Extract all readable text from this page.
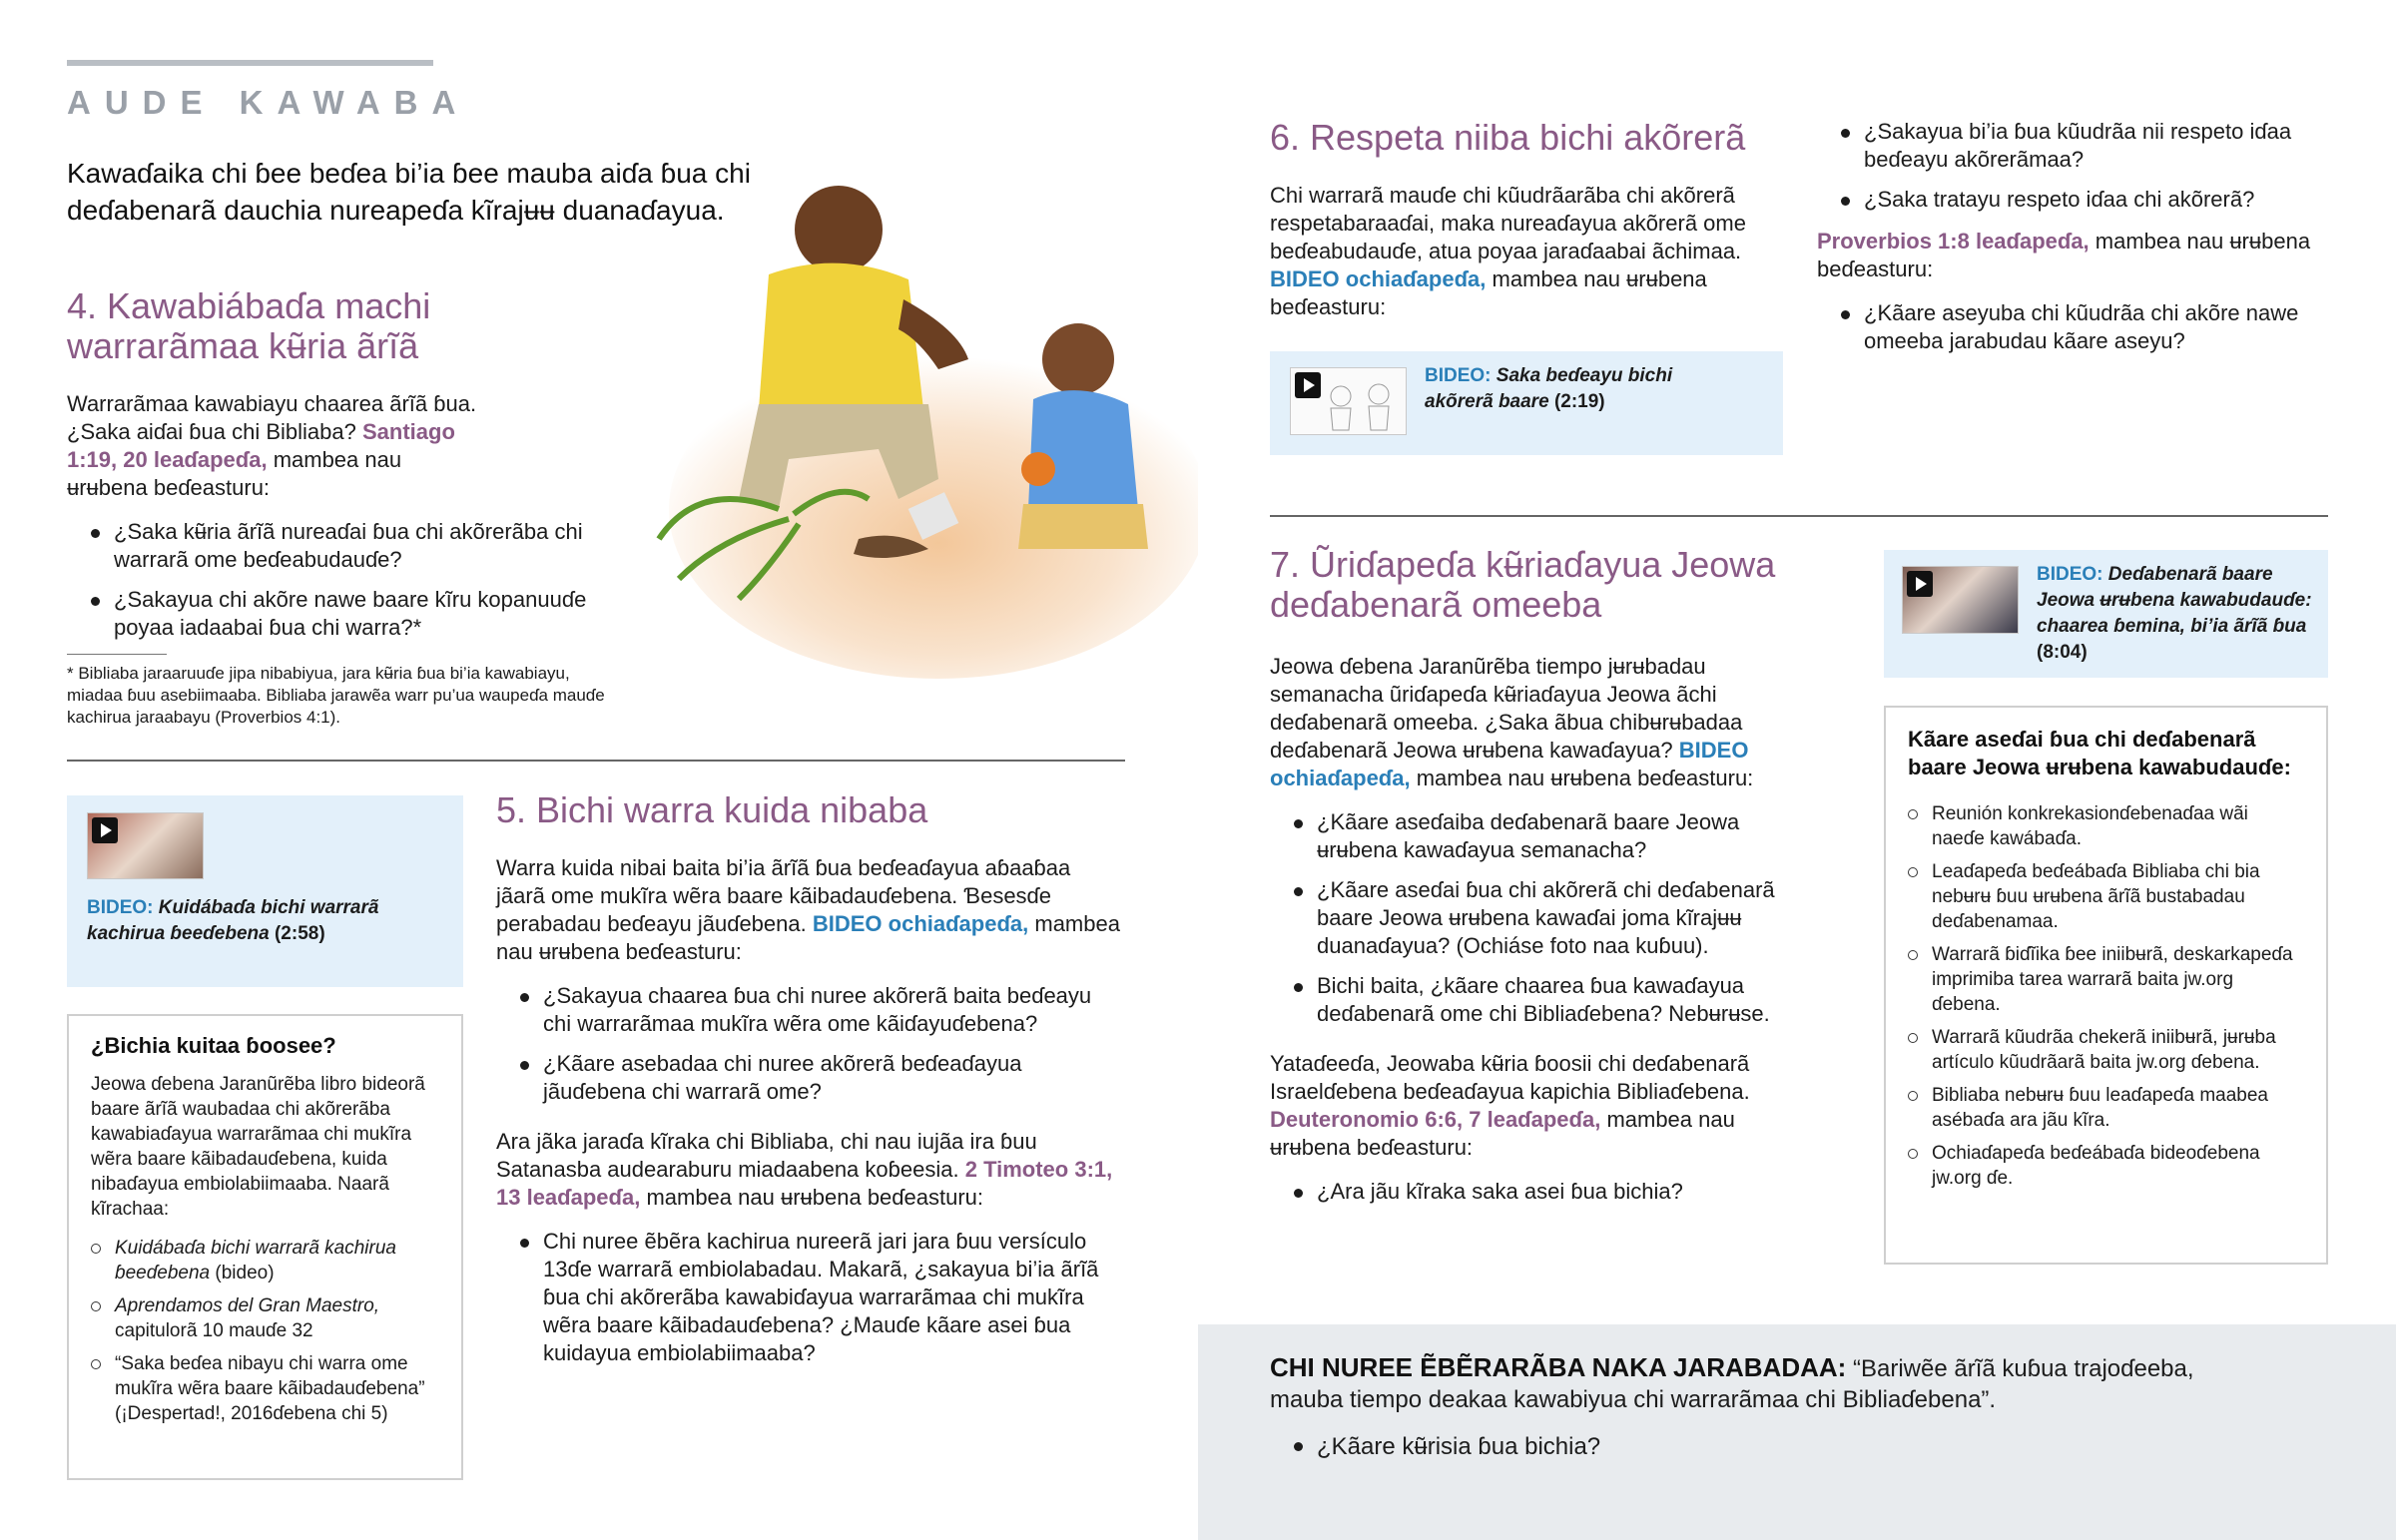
AUDE KAWABA
Kawaɗaika chi ɓee beɗea bi’ia ɓee mauba aiɗa ɓua chi deɗabenarã dauchia nureapeɗa kĩrajʉʉ duanaɗayua.
4. Kawabiábaɗa machi warrarãmaa kʉ̃ria ãrĩã

Warrarãmaa kawabiayu chaarea ãrĩã ɓua. ¿Saka aiɗai ɓua chi Bibliaba? Santiago 1:19, 20 leaɗapeɗa, mambea nau ʉrʉbena beɗeasturu:

¿Saka kʉ̃ria ãrĩã nureaɗai ɓua chi akõrerãba chi warrarã ome beɗeabudauɗe?
¿Sakayua chi akõre nawe baare kĩru kopanuuɗe poyaa iadaabai ɓua chi warra?*
* Bibliaba jaraaruuɗe jipa nibabiyua, jara kʉ̃ria ɓua bi’ia kawabiayu, miadaa ɓuu asebiimaaba. Bibliaba jarawẽa warr pu’ua waupeɗa mauɗe kachirua jaraabayu (Proverbios 4:1).
BIDEO: Kuidábaɗa bichi warrarã kachirua ɓeeɗebena (2:58)
¿Bichia kuitaa ɓoosee?
Jeowa ɗebena Jaranũrẽba libro bideorã baare ãrĩã waubadaa chi akõrerãba kawabiaɗayua warrarãmaa chi mukĩra wẽra baare kãibadauɗebena, kuida nibaɗayua embiolabiimaaba. Naarã kĩrachaa:
Kuidábaɗa bichi warrarã kachirua ɓeeɗebena (bideo)
Aprendamos del Gran Maestro, capitulorã 10 mauɗe 32
“Saka beɗea nibayu chi warra ome mukĩra wẽra baare kãibadauɗebena” (¡Despertad!, 2016ɗebena chi 5)
5. Bichi warra kuida nibaba

Warra kuida nibai baita bi’ia ãrĩã ɓua beɗeaɗayua aɓaaɓaa jãarã ome mukĩra wẽra baare kãibadauɗebena. Ɓesesɗe perabadau beɗeayu jãuɗebena. BIDEO ochiaɗapeɗa, mambea nau ʉrʉbena beɗeasturu:

¿Sakayua chaarea ɓua chi nuree akõrerã baita beɗeayu chi warrarãmaa mukĩra wẽra ome kãiɗayuɗebena?
¿Kãare asebadaa chi nuree akõrerã beɗeaɗayua jãuɗebena chi warrarã ome?

Ara jãka jaraɗa kĩraka chi Bibliaba, chi nau iujãa ira ɓuu Satanasba audearaburu miadaabena koɓeesia. 2 Timoteo 3:1, 13 leaɗapeɗa, mambea nau ʉrʉbena beɗeasturu:

Chi nuree ẽbẽra kachirua nureerã jari jara ɓuu versículo 13ɗe warrarã embiolabadau. Makarã, ¿sakayua bi’ia ãrĩã ɓua chi akõrerãba kawabiɗayua warrarãmaa chi mukĩra wẽra baare kãibadauɗebena? ¿Mauɗe kãare asei ɓua kuidayua embiolabiimaaba?
6. Respeta niiba bichi akõrerã

Chi warrarã mauɗe chi kũudrãarãba chi akõrerã respetabaraaɗai, maka nureaɗayua akõrerã ome beɗeabudauɗe, atua poyaa jaraɗaabai ãchimaa. BIDEO ochiaɗapeɗa, mambea nau ʉrʉbena beɗeasturu:

BIDEO: Saka beɗeayu bichi akõrerã baare (2:19)
¿Sakayua bi’ia ɓua kũudrãa nii respeto iɗaa beɗeayu akõrerãmaa?
¿Saka tratayu respeto iɗaa chi akõrerã?

Proverbios 1:8 leaɗapeɗa, mambea nau ʉrʉbena beɗeasturu:

¿Kãare aseyuba chi kũudrãa chi akõre nawe omeeba jarabudau kãare aseyu?
7. Ũriɗapeɗa kʉ̃riaɗayua Jeowa deɗabenarã omeeba

Jeowa ɗebena Jaranũrẽba tiempo jʉrʉbadau semanacha ũriɗapeɗa kʉ̃riaɗayua Jeowa ãchi deɗabenarã omeeba. ¿Saka ãbua chibʉrʉbadaa deɗabenarã Jeowa ʉrʉbena kawaɗayua? BIDEO ochiaɗapeɗa, mambea nau ʉrʉbena beɗeasturu:

¿Kãare aseɗaiba deɗabenarã baare Jeowa ʉrʉbena kawaɗayua semanacha?
¿Kãare aseɗai ɓua chi akõrerã chi deɗabenarã baare Jeowa ʉrʉbena kawaɗai joma kĩrajʉʉ duanaɗayua? (Ochiáse foto naa kuɓuu).
Bichi baita, ¿kãare chaarea ɓua kawaɗayua deɗabenarã ome chi Bibliaɗebena? Nebʉrʉse.

Yataɗeeɗa, Jeowaba kʉ̃ria ɓoosii chi deɗabenarã Israelɗebena beɗeaɗayua kapichia Bibliaɗebena. Deuteronomio 6:6, 7 leaɗapeɗa, mambea nau ʉrʉbena beɗeasturu:

¿Ara jãu kĩraka saka asei ɓua bichia?
BIDEO: Deɗabenarã baare Jeowa ʉrʉbena kawabudauɗe: chaarea ɓemina, bi’ia ãrĩã ɓua (8:04)
Kãare aseɗai ɓua chi deɗabenarã baare Jeowa ʉrʉbena kawabudauɗe:
Reunión konkrekasionɗebenaɗaa wãi naeɗe kawábaɗa.
Leaɗapeɗa beɗeábaɗa Bibliaba chi bia nebʉrʉ ɓuu ʉrʉbena ãrĩã bustabadau deɗabenamaa.
Warrarã ɓiɗĩika ɓee iniibʉrã, deskarkapeɗa imprimiba tarea warrarã baita jw.org ɗebena.
Warrarã kũudrãa chekerã iniibʉrã, jʉrʉba artículo kũudrãarã baita jw.org ɗebena.
Bibliaba nebʉrʉ ɓuu leaɗapeɗa maabea asébaɗa ara jãu kĩra.
Ochiaɗapeɗa beɗeábaɗa bideoɗebena jw.org ɗe.

CHI NUREE ẼBẼRARÃBA NAKA JARABADAA: “Bariwẽe ãrĩã kuɓua trajoɗeeba, mauba tiempo deakaa kawabiyua chi warrarãmaa chi Bibliaɗebena”.

¿Kãare kʉ̃risia ɓua bichia?
